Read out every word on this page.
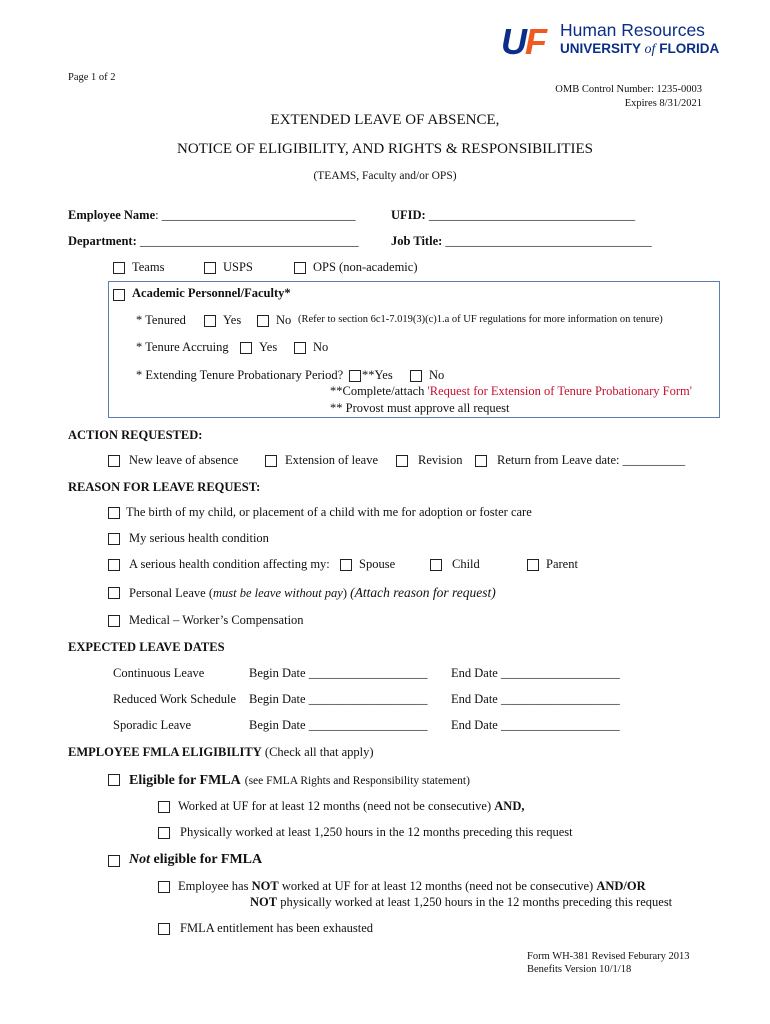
UF Human Resources
UNIVERSITY of FLORIDA
Page 1 of 2
OMB Control Number: 1235-0003
Expires 8/31/2021
EXTENDED LEAVE OF ABSENCE,
NOTICE OF ELIGIBILITY, AND RIGHTS & RESPONSIBILITIES
(TEAMS, Faculty and/or OPS)
Employee Name: _______________________________	UFID: _________________________________
Department: ___________________________________	Job Title: _________________________________
Teams	USPS	OPS (non-academic)
Academic Personnel/Faculty*
* Tenured	Yes	No (Refer to section 6c1-7.019(3)(c)1.a of UF regulations for more information on tenure)
* Tenure Accruing Yes	No
* Extending Tenure Probationary Period? **Yes	No
**Complete/attach 'Request for Extension of Tenure Probationary Form'
** Provost must approve all request
ACTION REQUESTED:
New leave of absence	Extension of leave	Revision	Return from Leave date: __________
REASON FOR LEAVE REQUEST:
The birth of my child, or placement of a child with me for adoption or foster care
My serious health condition
A serious health condition affecting my: Spouse	Child	Parent
Personal Leave (must be leave without pay) (Attach reason for request)
Medical – Worker’s Compensation
EXPECTED LEAVE DATES
Continuous Leave	Begin Date ___________________ End Date ___________________
Reduced Work Schedule Begin Date ___________________ End Date ___________________
Sporadic Leave	Begin Date ___________________ End Date ___________________
EMPLOYEE FMLA ELIGIBILITY (Check all that apply)
Eligible for FMLA (see FMLA Rights and Responsibility statement)
Worked at UF for at least 12 months (need not be consecutive) AND,
Physically worked at least 1,250 hours in the 12 months preceding this request
Not eligible for FMLA
Employee has NOT worked at UF for at least 12 months (need not be consecutive) AND/OR
NOT physically worked at least 1,250 hours in the 12 months preceding this request
FMLA entitlement has been exhausted
Form WH-381 Revised Feburary 2013
Benefits Version 10/1/18
